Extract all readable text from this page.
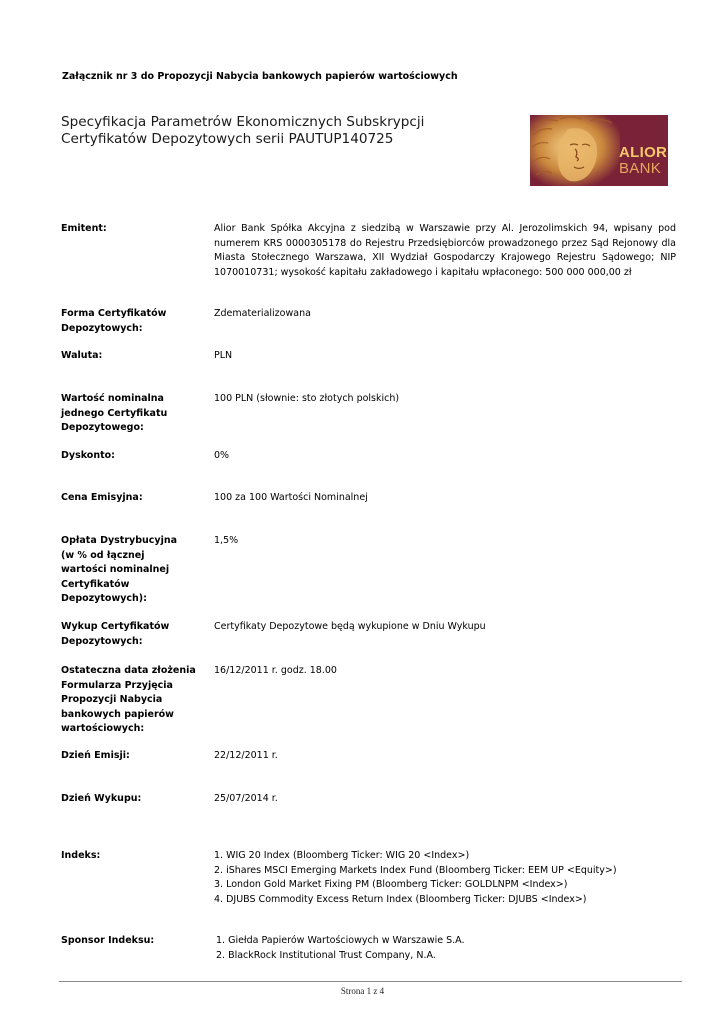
Załącznik nr 3 do Propozycji Nabycia bankowych papierów wartościowych
Specyfikacja Parametrów Ekonomicznych Subskrypcji
Certyfikatów Depozytowych serii PAUTUP140725
ALIOR
BANK
Emitent:	Alior Bank Spółka Akcyjna z siedzibą w Warszawie przy Al. Jerozolimskich 94, wpisany pod numerem KRS 0000305178 do Rejestru Przedsiębiorców prowadzonego przez Sąd Rejonowy dla Miasta Stołecznego Warszawa, XII Wydział Gospodarczy Krajowego Rejestru Sądowego; NIP 1070010731; wysokość kapitału zakładowego i kapitału wpłaconego: 500 000 000,00 zł
Forma Certyfikatów Depozytowych:
Zdematerializowana
Waluta:	PLN
Wartość nominalna jednego Certyfikatu Depozytowego:
100 PLN (słownie: sto złotych polskich)
Dyskonto:	0%
Cena Emisyjna:	100 za 100 Wartości Nominalnej
Opłata Dystrybucyjna (w % od łącznej wartości nominalnej Certyfikatów Depozytowych):
1,5%
Wykup Certyfikatów Depozytowych:
Certyfikaty Depozytowe będą wykupione w Dniu Wykupu
Ostateczna data złożenia Formularza Przyjęcia Propozycji Nabycia bankowych papierów wartościowych:
16/12/2011 r. godz. 18.00
Dzień Emisji:	22/12/2011 r.
Dzień Wykupu:	25/07/2014 r.
Indeks:	1. WIG 20 Index (Bloomberg Ticker: WIG 20 <Index>)
2. iShares MSCI Emerging Markets Index Fund (Bloomberg Ticker: EEM UP <Equity>)
3. London Gold Market Fixing PM (Bloomberg Ticker: GOLDLNPM <Index>)
4. DJUBS Commodity Excess Return Index (Bloomberg Ticker: DJUBS <Index>)
Sponsor Indeksu:	1. Giełda Papierów Wartościowych w Warszawie S.A.
2. BlackRock Institutional Trust Company, N.A.
Strona 1 z 4
